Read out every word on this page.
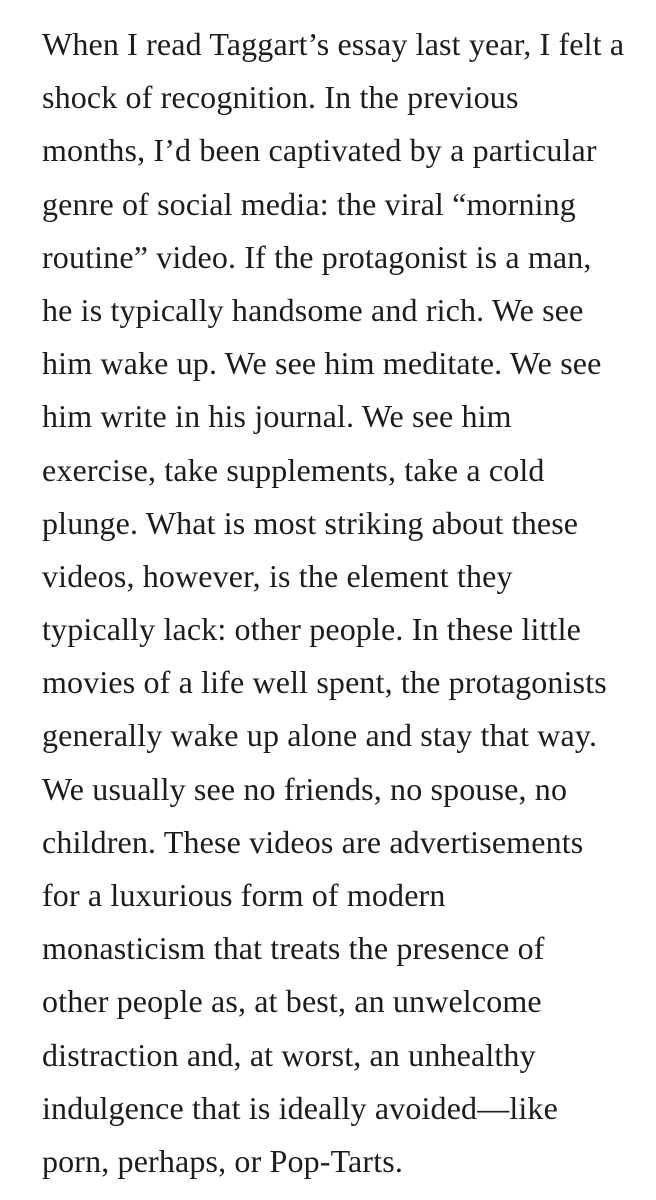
When I read Taggart’s essay last year, I felt a
shock of recognition. In the previous
months, I’d been captivated by a particular
genre of social media: the viral “morning
routine” video. If the protagonist is a man,
he is typically handsome and rich. We see
him wake up. We see him meditate. We see
him write in his journal. We see him
exercise, take supplements, take a cold
plunge. What is most striking about these
videos, however, is the element they
typically lack: other people. In these little
movies of a life well spent, the protagonists
generally wake up alone and stay that way.
We usually see no friends, no spouse, no
children. These videos are advertisements
for a luxurious form of modern
monasticism that treats the presence of
other people as, at best, an unwelcome
distraction and, at worst, an unhealthy
indulgence that is ideally avoided—like
porn, perhaps, or Pop-Tarts.
